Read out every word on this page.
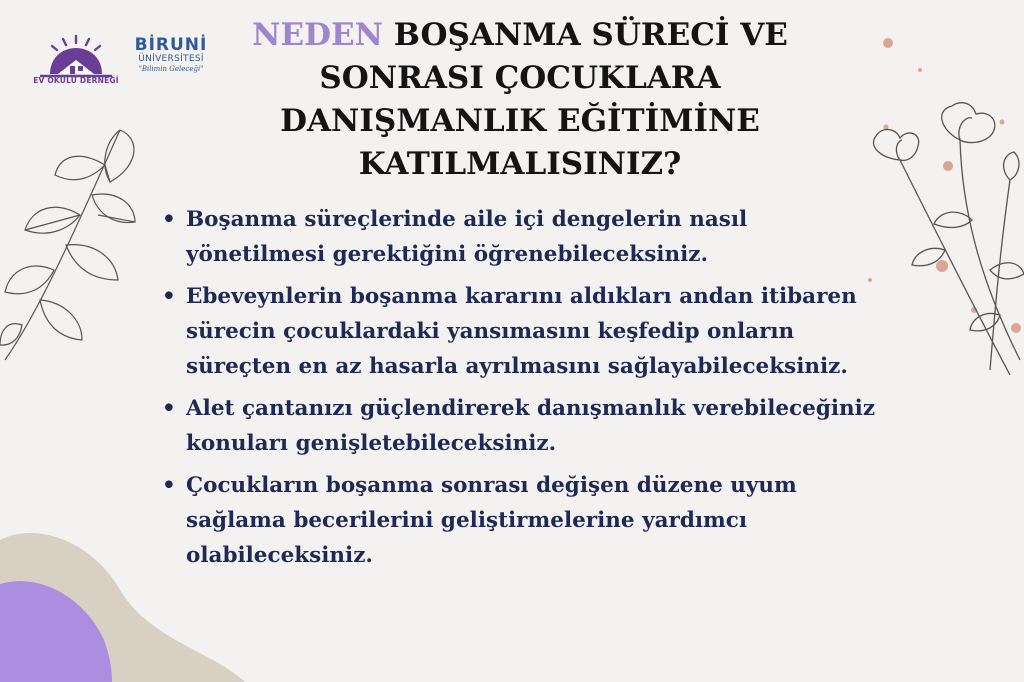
EV OKULU DERNEĞİ
BİRUNİ
ÜNİVERSİTESİ
"Bilimin Geleceği"
NEDEN BOŞANMA SÜRECİ VE SONRASI ÇOCUKLARA DANIŞMANLIK EĞİTİMİNE KATILMALISINIZ?
• Boşanma süreçlerinde aile içi dengelerin nasıl yönetilmesi gerektiğini öğrenebileceksiniz.
• Ebeveynlerin boşanma kararını aldıkları andan itibaren sürecin çocuklardaki yansımasını keşfedip onların süreçten en az hasarla ayrılmasını sağlayabileceksiniz.
• Alet çantanızı güçlendirerek danışmanlık verebileceğiniz konuları genişletebileceksiniz.
• Çocukların boşanma sonrası değişen düzene uyum sağlama becerilerini geliştirmelerine yardımcı olabileceksiniz.
